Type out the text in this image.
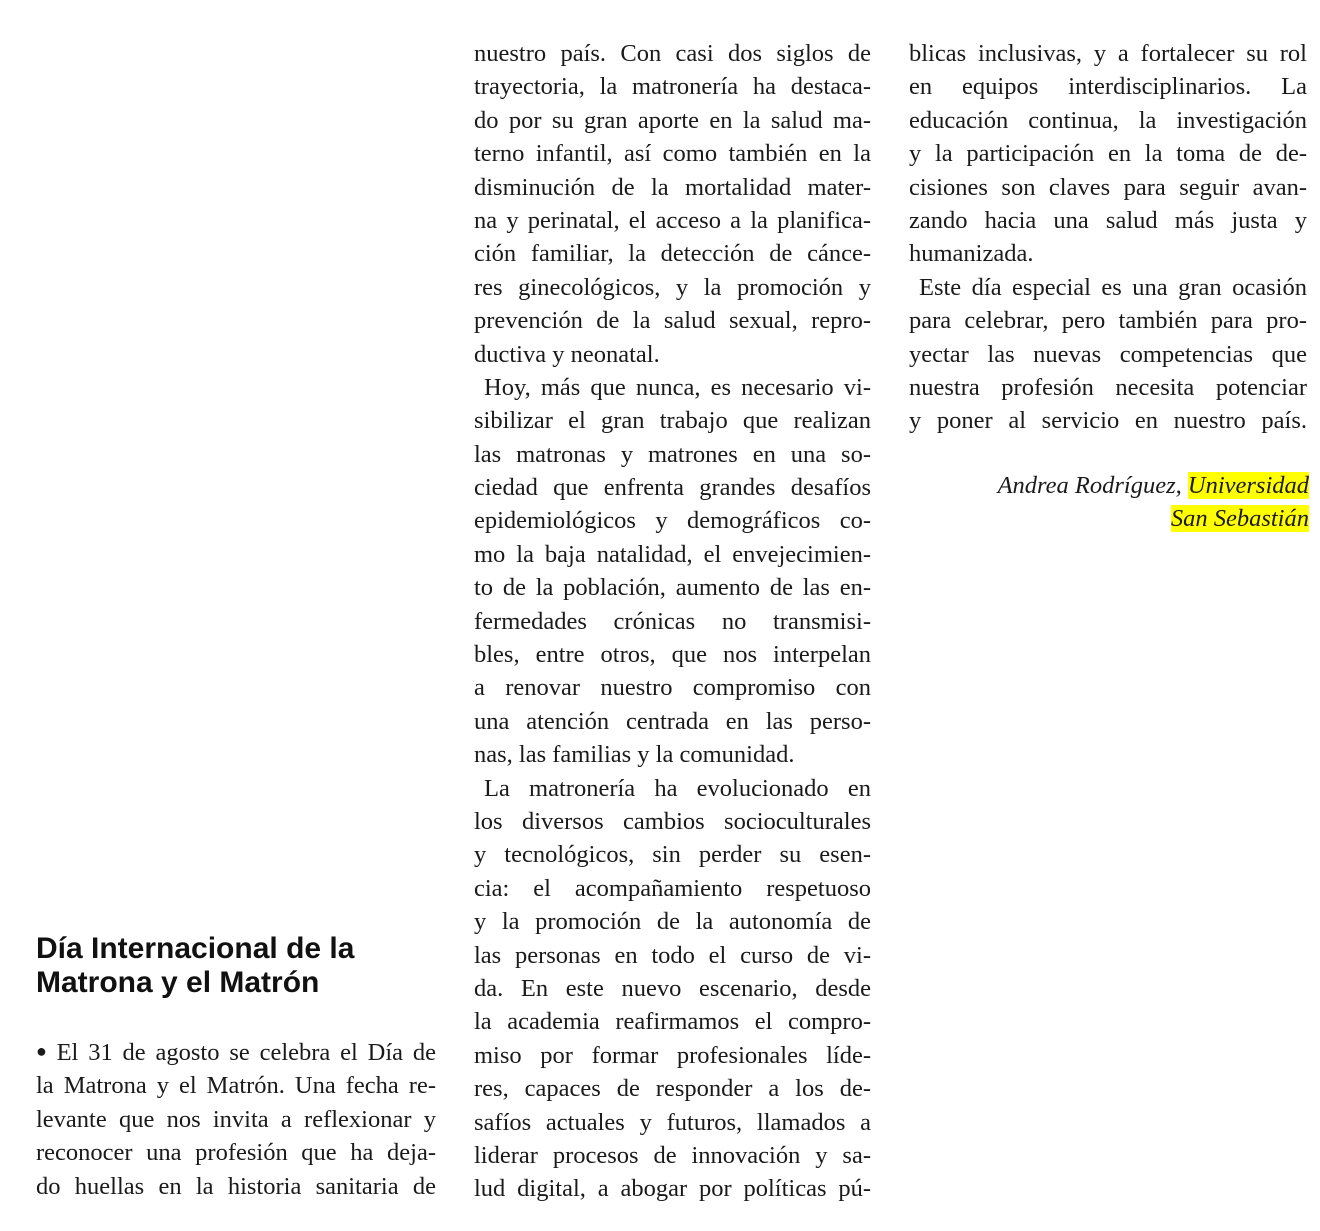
Día Internacional de la
Matrona y el Matrón
● El 31 de agosto se celebra el Día de
la Matrona y el Matrón. Una fecha re-
levante que nos invita a reflexionar y
reconocer una profesión que ha deja-
do huellas en la historia sanitaria de
nuestro país. Con casi dos siglos de
trayectoria, la matronería ha destaca-
do por su gran aporte en la salud ma-
terno infantil, así como también en la
disminución de la mortalidad mater-
na y perinatal, el acceso a la planifica-
ción familiar, la detección de cánce-
res ginecológicos, y la promoción y
prevención de la salud sexual, repro-
ductiva y neonatal.
Hoy, más que nunca, es necesario vi-
sibilizar el gran trabajo que realizan
las matronas y matrones en una so-
ciedad que enfrenta grandes desafíos
epidemiológicos y demográficos co-
mo la baja natalidad, el envejecimien-
to de la población, aumento de las en-
fermedades crónicas no transmisi-
bles, entre otros, que nos interpelan
a renovar nuestro compromiso con
una atención centrada en las perso-
nas, las familias y la comunidad.
La matronería ha evolucionado en
los diversos cambios socioculturales
y tecnológicos, sin perder su esen-
cia: el acompañamiento respetuoso
y la promoción de la autonomía de
las personas en todo el curso de vi-
da. En este nuevo escenario, desde
la academia reafirmamos el compro-
miso por formar profesionales líde-
res, capaces de responder a los de-
safíos actuales y futuros, llamados a
liderar procesos de innovación y sa-
lud digital, a abogar por políticas pú-
blicas inclusivas, y a fortalecer su rol
en equipos interdisciplinarios. La
educación continua, la investigación
y la participación en la toma de de-
cisiones son claves para seguir avan-
zando hacia una salud más justa y
humanizada.
Este día especial es una gran ocasión
para celebrar, pero también para pro-
yectar las nuevas competencias que
nuestra profesión necesita potenciar
y poner al servicio en nuestro país.
Andrea Rodríguez, Universidad
San Sebastián
